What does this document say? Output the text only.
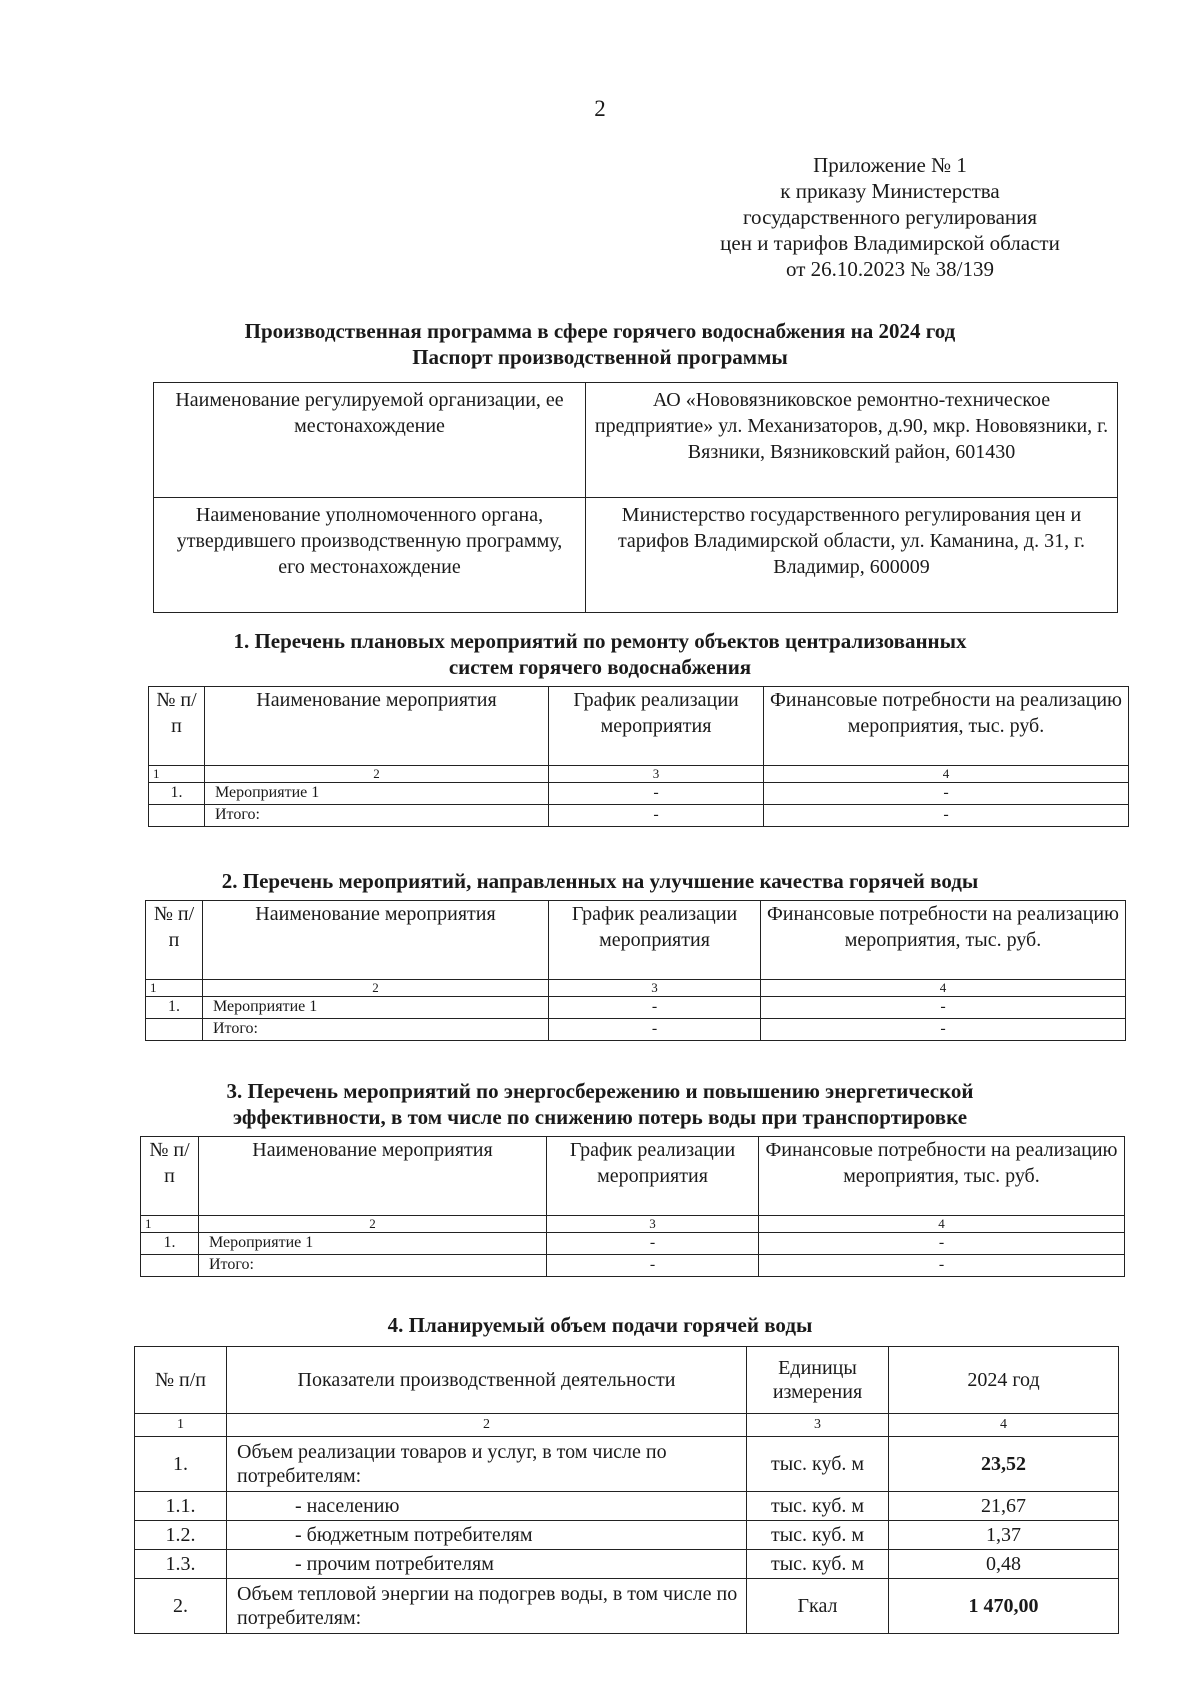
2
Приложение № 1
к приказу Министерства
государственного регулирования
цен и тарифов Владимирской области
от 26.10.2023 № 38/139
Производственная программа в сфере горячего водоснабжения на 2024 год
Паспорт производственной программы
Наименование регулируемой организации, ее местонахождение	АО «Нововязниковское ремонтно-техническое предприятие» ул. Механизаторов, д.90, мкр. Нововязники, г. Вязники, Вязниковский район, 601430
Наименование уполномоченного органа, утвердившего производственную программу, его местонахождение	Министерство государственного регулирования цен и тарифов Владимирской области, ул. Каманина, д. 31, г. Владимир, 600009
1. Перечень плановых мероприятий по ремонту объектов централизованных
систем горячего водоснабжения
№ п/п	Наименование мероприятия	График реализации мероприятия	Финансовые потребности на реализацию мероприятия, тыс. руб.
1	2	3	4
1.	Мероприятие 1	-	-
	Итого:	-	-
2. Перечень мероприятий, направленных на улучшение качества горячей воды
№ п/п	Наименование мероприятия	График реализации мероприятия	Финансовые потребности на реализацию мероприятия, тыс. руб.
1	2	3	4
1.	Мероприятие 1	-	-
	Итого:	-	-
3. Перечень мероприятий по энергосбережению и повышению энергетической
эффективности, в том числе по снижению потерь воды при транспортировке
№ п/п	Наименование мероприятия	График реализации мероприятия	Финансовые потребности на реализацию мероприятия, тыс. руб.
1	2	3	4
1.	Мероприятие 1	-	-
	Итого:	-	-
4. Планируемый объем подачи горячей воды
№ п/п	Показатели производственной деятельности	Единицы измерения	2024 год
1	2	3	4
1.	Объем реализации товаров и услуг, в том числе по потребителям:	тыс. куб. м	23,52
1.1.	- населению	тыс. куб. м	21,67
1.2.	- бюджетным потребителям	тыс. куб. м	1,37
1.3.	- прочим потребителям	тыс. куб. м	0,48
2.	Объем тепловой энергии на подогрев воды, в том числе по потребителям:	Гкал	1 470,00
